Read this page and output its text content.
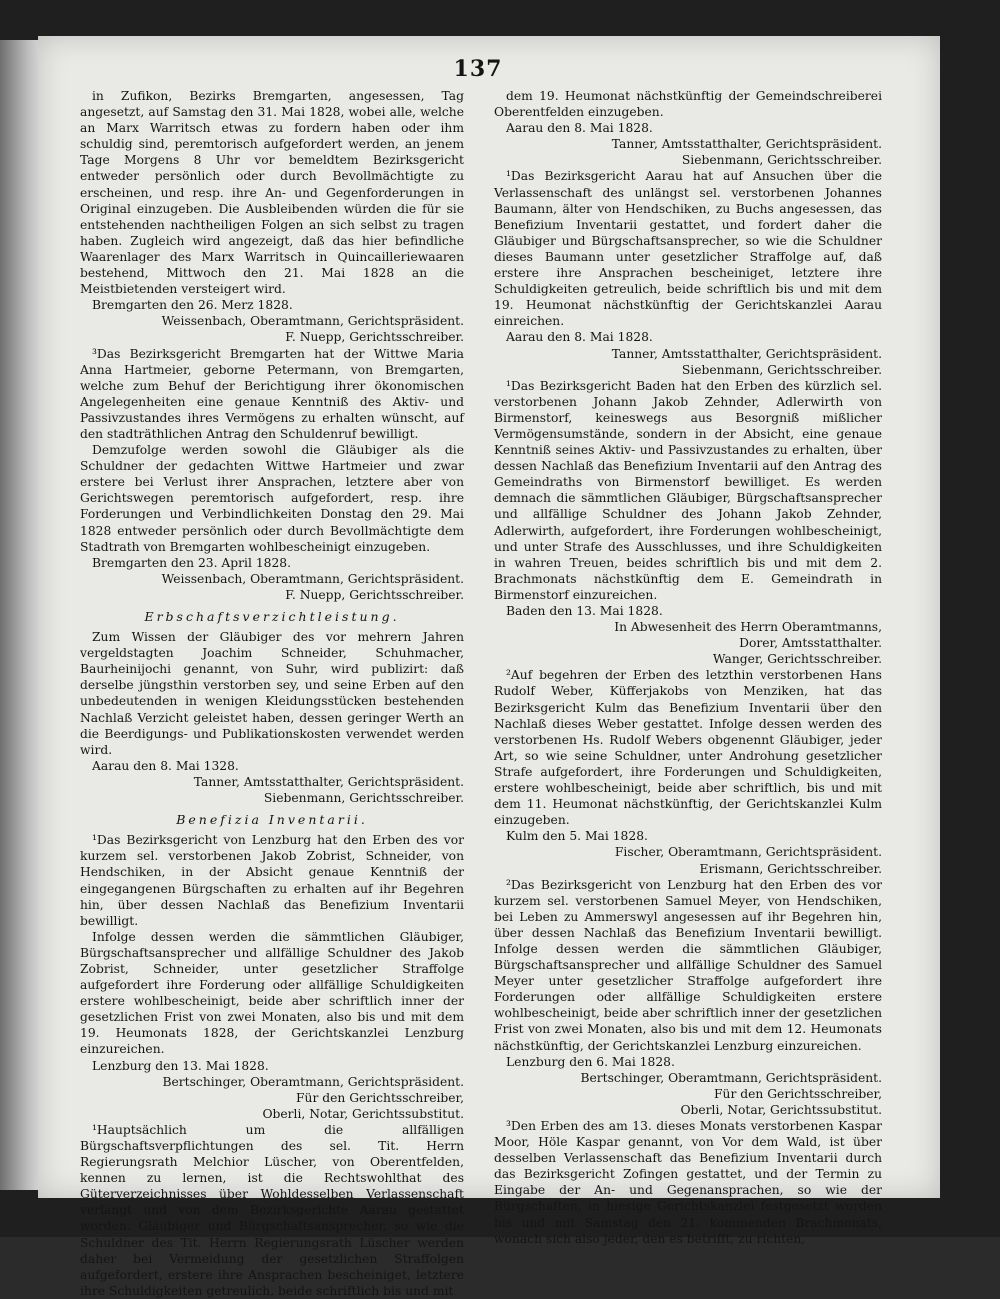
137

in Zufikon, Bezirks Bremgarten, angesessen, Tag angesetzt, auf Samstag den 31. Mai 1828, wobei alle, welche an Marx Warritsch etwas zu fordern haben oder ihm schuldig sind, peremtorisch aufgefordert werden, an jenem Tage Morgens 8 Uhr vor bemeldtem Bezirksgericht entweder persönlich oder durch Bevollmächtigte zu erscheinen, und resp. ihre An- und Gegenforderungen in Original einzugeben. Die Ausbleibenden würden die für sie entstehenden nachtheiligen Folgen an sich selbst zu tragen haben. Zugleich wird angezeigt, daß das hier befindliche Waarenlager des Marx Warritsch in Quincailleriewaaren bestehend, Mittwoch den 21. Mai 1828 an die Meistbietenden versteigert wird.

Bremgarten den 26. Merz 1828.

Weissenbach, Oberamtmann, Gerichtspräsident.

F. Nuepp, Gerichtsschreiber.

³Das Bezirksgericht Bremgarten hat der Wittwe Maria Anna Hartmeier, geborne Petermann, von Bremgarten, welche zum Behuf der Berichtigung ihrer ökonomischen Angelegenheiten eine genaue Kenntniß des Aktiv- und Passivzustandes ihres Vermögens zu erhalten wünscht, auf den stadträthlichen Antrag den Schuldenruf bewilligt.

Demzufolge werden sowohl die Gläubiger als die Schuldner der gedachten Wittwe Hartmeier und zwar erstere bei Verlust ihrer Ansprachen, letztere aber von Gerichtswegen peremtorisch aufgefordert, resp. ihre Forderungen und Verbindlichkeiten Donstag den 29. Mai 1828 entweder persönlich oder durch Bevollmächtigte dem Stadtrath von Bremgarten wohlbescheinigt einzugeben.

Bremgarten den 23. April 1828.

Weissenbach, Oberamtmann, Gerichtspräsident.

F. Nuepp, Gerichtsschreiber.

Erbschaftsverzichtleistung.

Zum Wissen der Gläubiger des vor mehrern Jahren vergeldstagten Joachim Schneider, Schuhmacher, Baurheinijochi genannt, von Suhr, wird publizirt: daß derselbe jüngsthin verstorben sey, und seine Erben auf den unbedeutenden in wenigen Kleidungsstücken bestehenden Nachlaß Verzicht geleistet haben, dessen geringer Werth an die Beerdigungs- und Publikationskosten verwendet werden wird.

Aarau den 8. Mai 1328.

Tanner, Amtsstatthalter, Gerichtspräsident.

Siebenmann, Gerichtsschreiber.

Benefizia Inventarii.

¹Das Bezirksgericht von Lenzburg hat den Erben des vor kurzem sel. verstorbenen Jakob Zobrist, Schneider, von Hendschiken, in der Absicht genaue Kenntniß der eingegangenen Bürgschaften zu erhalten auf ihr Begehren hin, über dessen Nachlaß das Benefizium Inventarii bewilligt.

Infolge dessen werden die sämmtlichen Gläubiger, Bürgschaftsansprecher und allfällige Schuldner des Jakob Zobrist, Schneider, unter gesetzlicher Straffolge aufgefordert ihre Forderung oder allfällige Schuldigkeiten erstere wohlbescheinigt, beide aber schriftlich inner der gesetzlichen Frist von zwei Monaten, also bis und mit dem 19. Heumonats 1828, der Gerichtskanzlei Lenzburg einzureichen.

Lenzburg den 13. Mai 1828.

Bertschinger, Oberamtmann, Gerichtspräsident.

Für den Gerichtsschreiber,

Oberli, Notar, Gerichtssubstitut.

¹Hauptsächlich um die allfälligen Bürgschaftsverpflichtungen des sel. Tit. Herrn Regierungsrath Melchior Lüscher, von Oberentfelden, kennen zu lernen, ist die Rechtswohlthat des Güterverzeichnisses über Wohldesselben Verlassenschaft verlangt und von dem Bezirksgerichte Aarau gestattet worden. Gläubiger und Bürgschaftsansprecher, so wie die Schuldner des Tit. Herrn Regierungsrath Lüscher werden daher bei Vermeidung der gesetzlichen Straffolgen aufgefordert, erstere ihre Ansprachen bescheiniget, letztere ihre Schuldigkeiten getreulich, beide schriftlich bis und mit

dem 19. Heumonat nächstkünftig der Gemeindschreiberei Oberentfelden einzugeben.

Aarau den 8. Mai 1828.

Tanner, Amtsstatthalter, Gerichtspräsident.

Siebenmann, Gerichtsschreiber.

¹Das Bezirksgericht Aarau hat auf Ansuchen über die Verlassenschaft des unlängst sel. verstorbenen Johannes Baumann, älter von Hendschiken, zu Buchs angesessen, das Benefizium Inventarii gestattet, und fordert daher die Gläubiger und Bürgschaftsansprecher, so wie die Schuldner dieses Baumann unter gesetzlicher Straffolge auf, daß erstere ihre Ansprachen bescheiniget, letztere ihre Schuldigkeiten getreulich, beide schriftlich bis und mit dem 19. Heumonat nächstkünftig der Gerichtskanzlei Aarau einreichen.

Aarau den 8. Mai 1828.

Tanner, Amtsstatthalter, Gerichtspräsident.

Siebenmann, Gerichtsschreiber.

¹Das Bezirksgericht Baden hat den Erben des kürzlich sel. verstorbenen Johann Jakob Zehnder, Adlerwirth von Birmenstorf, keineswegs aus Besorgniß mißlicher Vermögensumstände, sondern in der Absicht, eine genaue Kenntniß seines Aktiv- und Passivzustandes zu erhalten, über dessen Nachlaß das Benefizium Inventarii auf den Antrag des Gemeindraths von Birmenstorf bewilliget. Es werden demnach die sämmtlichen Gläubiger, Bürgschaftsansprecher und allfällige Schuldner des Johann Jakob Zehnder, Adlerwirth, aufgefordert, ihre Forderungen wohlbescheinigt, und unter Strafe des Ausschlusses, und ihre Schuldigkeiten in wahren Treuen, beides schriftlich bis und mit dem 2. Brachmonats nächstkünftig dem E. Gemeindrath in Birmenstorf einzureichen.

Baden den 13. Mai 1828.

In Abwesenheit des Herrn Oberamtmanns,

Dorer, Amtsstatthalter.

Wanger, Gerichtsschreiber.

²Auf begehren der Erben des letzthin verstorbenen Hans Rudolf Weber, Küfferjakobs von Menziken, hat das Bezirksgericht Kulm das Benefizium Inventarii über den Nachlaß dieses Weber gestattet. Infolge dessen werden des verstorbenen Hs. Rudolf Webers obgenennt Gläubiger, jeder Art, so wie seine Schuldner, unter Androhung gesetzlicher Strafe aufgefordert, ihre Forderungen und Schuldigkeiten, erstere wohlbescheinigt, beide aber schriftlich, bis und mit dem 11. Heumonat nächstkünftig, der Gerichtskanzlei Kulm einzugeben.

Kulm den 5. Mai 1828.

Fischer, Oberamtmann, Gerichtspräsident.

Erismann, Gerichtsschreiber.

²Das Bezirksgericht von Lenzburg hat den Erben des vor kurzem sel. verstorbenen Samuel Meyer, von Hendschiken, bei Leben zu Ammerswyl angesessen auf ihr Begehren hin, über dessen Nachlaß das Benefizium Inventarii bewilligt. Infolge dessen werden die sämmtlichen Gläubiger, Bürgschaftsansprecher und allfällige Schuldner des Samuel Meyer unter gesetzlicher Straffolge aufgefordert ihre Forderungen oder allfällige Schuldigkeiten erstere wohlbescheinigt, beide aber schriftlich inner der gesetzlichen Frist von zwei Monaten, also bis und mit dem 12. Heumonats nächstkünftig, der Gerichtskanzlei Lenzburg einzureichen.

Lenzburg den 6. Mai 1828.

Bertschinger, Oberamtmann, Gerichtspräsident.

Für den Gerichtsschreiber,

Oberli, Notar, Gerichtssubstitut.

³Den Erben des am 13. dieses Monats verstorbenen Kaspar Moor, Höle Kaspar genannt, von Vor dem Wald, ist über desselben Verlassenschaft das Benefizium Inventarii durch das Bezirksgericht Zofingen gestattet, und der Termin zu Eingabe der An- und Gegenansprachen, so wie der Bürgschaften, in hiesige Gerichtskanzlei festgesetzt worden bis und mit Samstag den 21. kommenden Brachmonats, wonach sich also jeder, den es betrifft, zu richten,
